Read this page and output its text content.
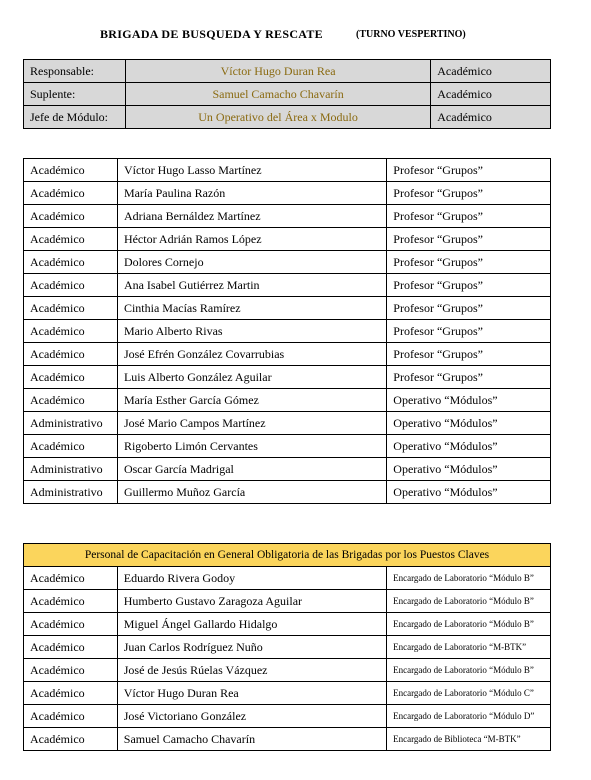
BRIGADA DE BUSQUEDA Y RESCATE	(TURNO VESPERTINO)
Responsable:	Víctor Hugo Duran Rea	Académico
Suplente:	Samuel Camacho Chavarín	Académico
Jefe de Módulo:	Un Operativo del Área x Modulo	Académico
Académico	Víctor Hugo Lasso Martínez	Profesor “Grupos”
Académico	María Paulina Razón	Profesor “Grupos”
Académico	Adriana Bernáldez Martínez	Profesor “Grupos”
Académico	Héctor Adrián Ramos López	Profesor “Grupos”
Académico	Dolores Cornejo	Profesor “Grupos”
Académico	Ana Isabel Gutiérrez Martin	Profesor “Grupos”
Académico	Cinthia Macías Ramírez	Profesor “Grupos”
Académico	Mario Alberto Rivas	Profesor “Grupos”
Académico	José Efrén González Covarrubias	Profesor “Grupos”
Académico	Luis Alberto González Aguilar	Profesor “Grupos”
Académico	María Esther García Gómez	Operativo “Módulos”
Administrativo	José Mario Campos Martínez	Operativo “Módulos”
Académico	Rigoberto Limón Cervantes	Operativo “Módulos”
Administrativo	Oscar García Madrigal	Operativo “Módulos”
Administrativo	Guillermo Muñoz García	Operativo “Módulos”
Personal de Capacitación en General Obligatoria de las Brigadas por los Puestos Claves		
Académico	Eduardo Rivera Godoy	Encargado de Laboratorio “Módulo B”
Académico	Humberto Gustavo Zaragoza Aguilar	Encargado de Laboratorio “Módulo B”
Académico	Miguel Ángel Gallardo Hidalgo	Encargado de Laboratorio “Módulo B”
Académico	Juan Carlos Rodríguez Nuño	Encargado de Laboratorio “M-BTK”
Académico	José de Jesús Rúelas Vázquez	Encargado de Laboratorio “Módulo B”
Académico	Víctor Hugo Duran Rea	Encargado de Laboratorio “Módulo C”
Académico	José Victoriano González	Encargado de Laboratorio “Módulo D”
Académico	Samuel Camacho Chavarín	Encargado de Biblioteca “M-BTK”
